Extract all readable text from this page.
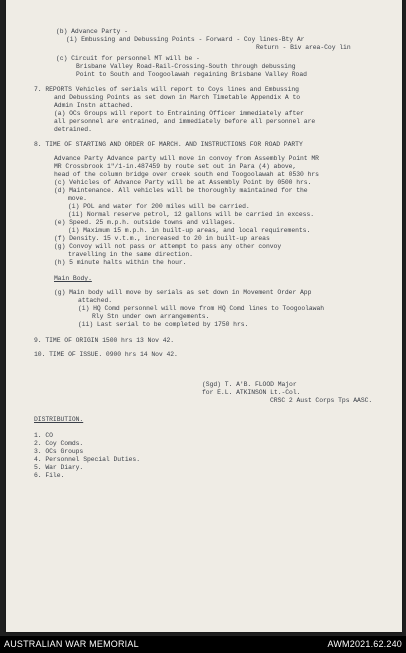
(b) Advance Party -
(i) Embussing and Debussing Points - Forward - Coy lines-Bty Ar
Return - Biv area-Coy lin
(c) Circuit for personnel MT will be -
Brisbane Valley Road-Rail-Crossing-South through debussing
Point to South and Toogoolawah regaining Brisbane Valley Road
7. REPORTS Vehicles of serials will report to Coys lines and Embussing
and Debussing Points as set down in March Timetable Appendix A to
Admin Instn attached.
(a) OCs Groups will report to Entraining Officer immediately after
all personnel are entrained, and immediately before all personnel are
detrained.
8. TIME OF STARTING AND ORDER OF MARCH. AND INSTRUCTIONS FOR ROAD PARTY
Advance Party Advance party will move in convoy from Assembly Point MR
MR Crossbrook 1"/1-in.487459 by route set out in Para (4) above,
head of the column bridge over creek south end Toogoolawah at 0530 hrs
(c) Vehicles of Advance Party will be at Assembly Point by 0500 hrs.
(d) Maintenance. All vehicles will be thoroughly maintained for the
move.
(i) POL and water for 200 miles will be carried.
(ii) Normal reserve petrol, 12 gallons will be carried in excess.
(e) Speed. 25 m.p.h. outside towns and villages.
(i) Maximum 15 m.p.h. in built-up areas, and local requirements.
(f) Density. 15 v.t.m., increased to 20 in built-up areas
(g) Convoy will not pass or attempt to pass any other convoy
travelling in the same direction.
(h) 5 minute halts within the hour.
Main Body.
(g) Main body will move by serials as set down in Movement Order App
attached.
(i) HQ Comd personnel will move from HQ Comd lines to Toogoolawah
Rly Stn under own arrangements.
(ii) Last serial to be completed by 1750 hrs.
9. TIME OF ORIGIN 1500 hrs 13 Nov 42.
10. TIME OF ISSUE. 0900 hrs 14 Nov 42.
(Sgd) T. A'B. FLOOD Major
for E.L. ATKINSON Lt.-Col.
CRSC 2 Aust Corps Tps AASC.
DISTRIBUTION.
1. CO
2. Coy Comds.
3. OCs Groups
4. Personnel Special Duties.
5. War Diary.
6. File.
AUSTRALIAN WAR MEMORIAL	AWM2021.62.240
